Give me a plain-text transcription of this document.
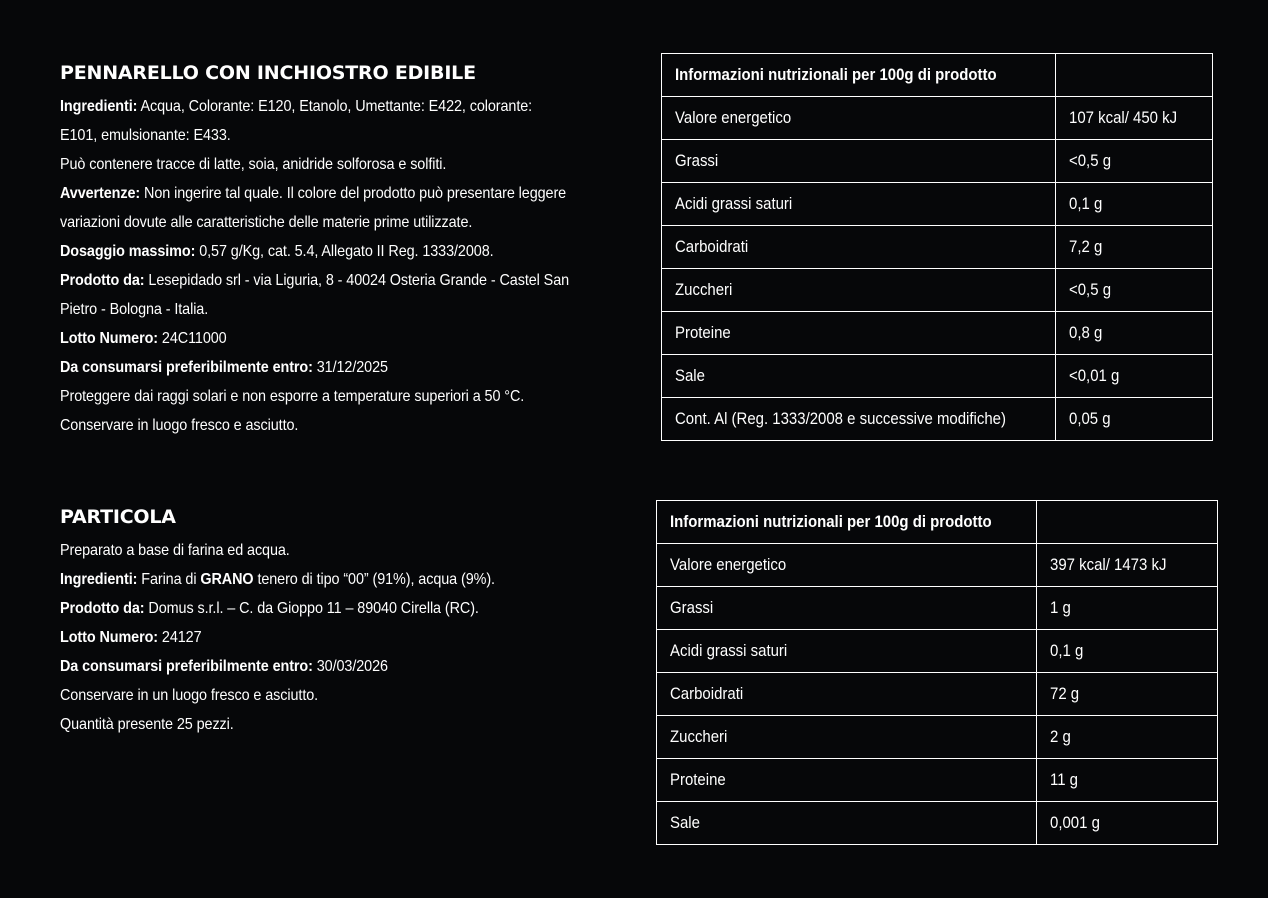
PENNARELLO CON INCHIOSTRO EDIBILE
Ingredienti: Acqua, Colorante: E120, Etanolo, Umettante: E422, colorante:
E101, emulsionante: E433.
Può contenere tracce di latte, soia, anidride solforosa e solfiti.
Avvertenze: Non ingerire tal quale. Il colore del prodotto può presentare leggere
variazioni dovute alle caratteristiche delle materie prime utilizzate.
Dosaggio massimo: 0,57 g/Kg, cat. 5.4, Allegato II Reg. 1333/2008.
Prodotto da: Lesepidado srl - via Liguria, 8 - 40024 Osteria Grande - Castel San
Pietro - Bologna - Italia.
Lotto Numero: 24C11000
Da consumarsi preferibilmente entro: 31/12/2025
Proteggere dai raggi solari e non esporre a temperature superiori a 50 °C.
Conservare in luogo fresco e asciutto.
Informazioni nutrizionali per 100g di prodotto	
Valore energetico	107 kcal/ 450 kJ
Grassi	<0,5 g
Acidi grassi saturi	0,1 g
Carboidrati	7,2 g
Zuccheri	<0,5 g
Proteine	0,8 g
Sale	<0,01 g
Cont. Al (Reg. 1333/2008 e successive modifiche)	0,05 g
PARTICOLA
Preparato a base di farina ed acqua.
Ingredienti: Farina di GRANO tenero di tipo “00” (91%), acqua (9%).
Prodotto da: Domus s.r.l. – C. da Gioppo 11 – 89040 Cirella (RC).
Lotto Numero: 24127
Da consumarsi preferibilmente entro: 30/03/2026
Conservare in un luogo fresco e asciutto.
Quantità presente 25 pezzi.
Informazioni nutrizionali per 100g di prodotto	
Valore energetico	397 kcal/ 1473 kJ
Grassi	1 g
Acidi grassi saturi	0,1 g
Carboidrati	72 g
Zuccheri	2 g
Proteine	11 g
Sale	0,001 g
